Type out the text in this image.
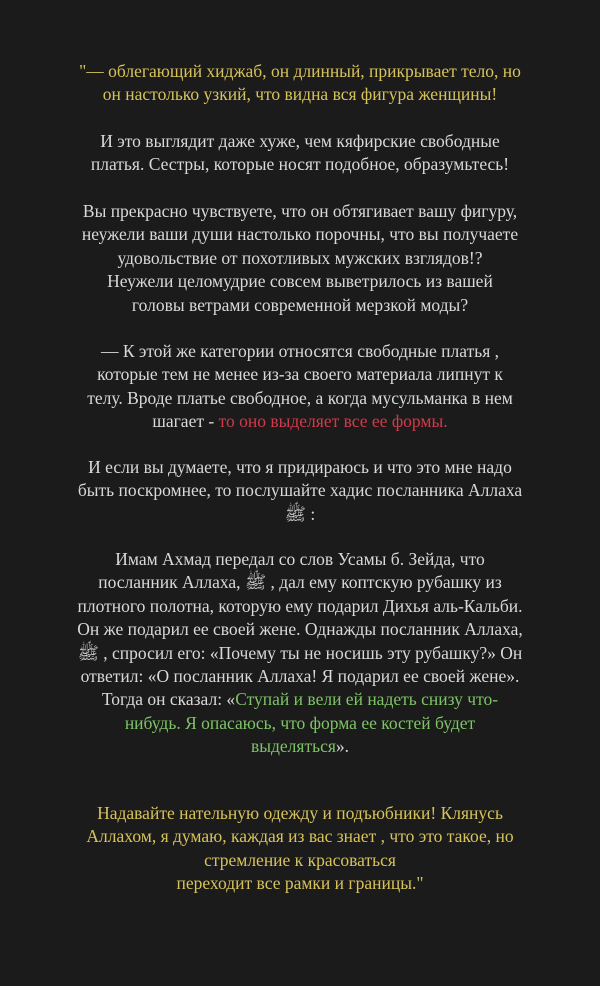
"— облегающий хиджаб, он длинный, прикрывает тело, но
он настолько узкий, что видна вся фигура женщины!
И это выглядит даже хуже, чем кяфирские свободные
платья. Сестры, которые носят подобное, образумьтесь!
Вы прекрасно чувствуете, что он обтягивает вашу фигуру,
неужели ваши души настолько порочны, что вы получаете
удовольствие от похотливых мужских взглядов!?
Неужели целомудрие совсем выветрилось из вашей
головы ветрами современной мерзкой моды?
— К этой же категории относятся свободные платья ,
которые тем не менее из-за своего материала липнут к
телу. Вроде платье свободное, а когда мусульманка в нем
шагает - то оно выделяет все ее формы.
И если вы думаете, что я придираюсь и что это мне надо
быть поскромнее, то послушайте хадис посланника Аллаха
ﷺ :
Имам Ахмад передал со слов Усамы б. Зейда, что
посланник Аллаха, ﷺ , дал ему коптскую рубашку из
плотного полотна, которую ему подарил Дихья аль-Кальби.
Он же подарил ее своей жене. Однажды посланник Аллаха,
ﷺ , спросил его: «Почему ты не носишь эту рубашку?» Он
ответил: «О посланник Аллаха! Я подарил ее своей жене».
Тогда он сказал: «Ступай и вели ей надеть снизу что-
нибудь. Я опасаюсь, что форма ее костей будет
выделяться».
Надавайте нательную одежду и подъюбники! Клянусь
Аллахом, я думаю, каждая из вас знает , что это такое, но
стремление к красоваться
переходит все рамки и границы."
